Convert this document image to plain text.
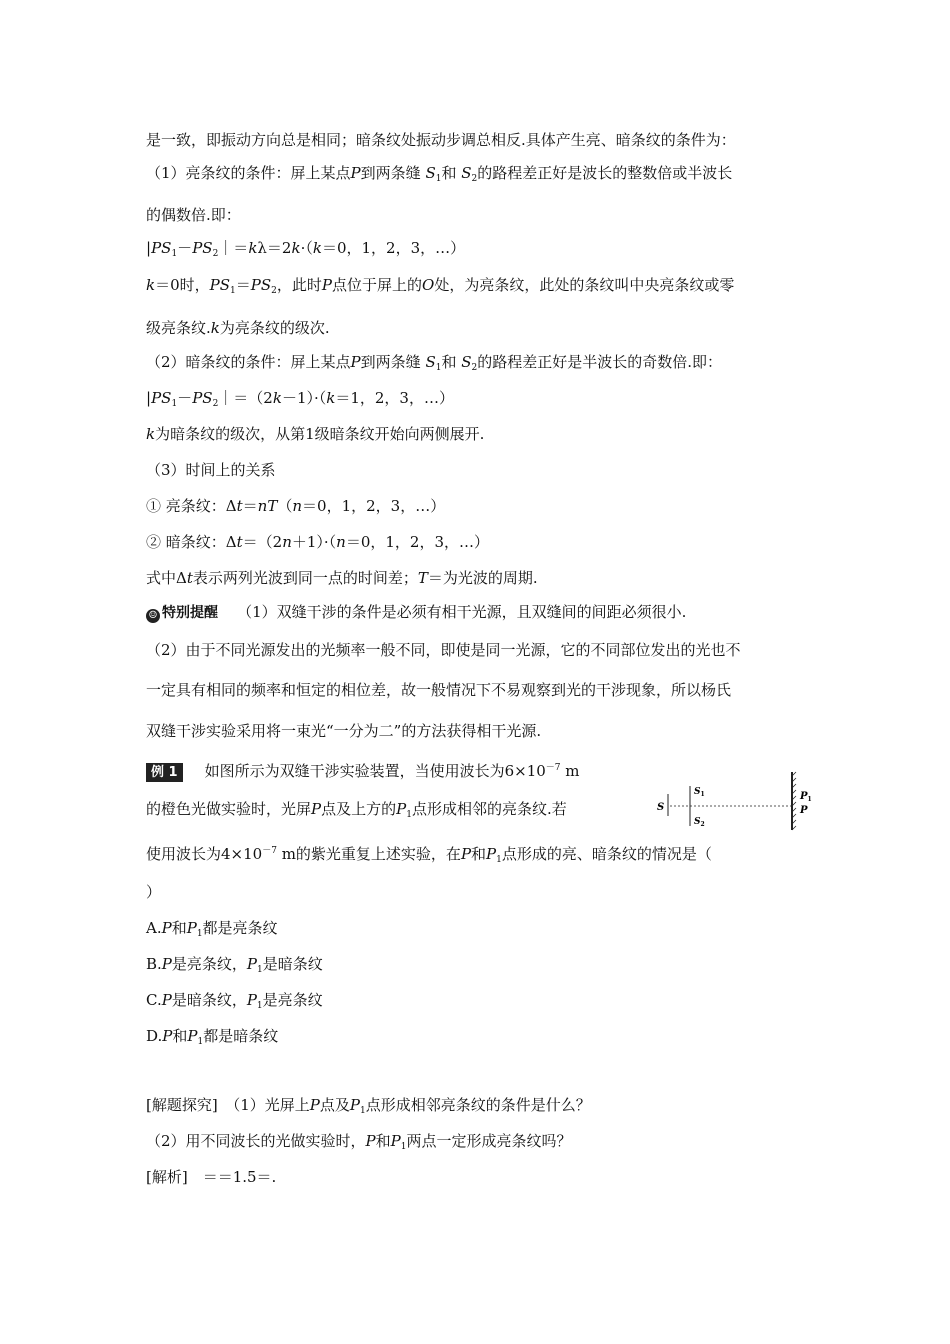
是一致，即振动方向总是相同；暗条纹处振动步调总相反.具体产生亮、暗条纹的条件为：
（1）亮条纹的条件：屏上某点P到两条缝 $S_1$和 $S_2$的路程差正好是波长的整数倍或半波长
的偶数倍.即：
$|PS_1-PS_2|=k\lambda=2k\cdot(k=0$，1，2，3，…）
k＝0时，$PS_1=PS_2$，此时P点位于屏上的O处，为亮条纹，此处的条纹叫中央亮条纹或零
级亮条纹.k为亮条纹的级次.
（2）暗条纹的条件：屏上某点P到两条缝 $S_1$和 $S_2$的路程差正好是半波长的奇数倍.即：
$|PS_1-PS_2|=(2k-1)\cdot(k=1$，2，3，…）
k为暗条纹的级次，从第1级暗条纹开始向两侧展开.
（3）时间上的关系
① 亮条纹：Δt＝nT（n＝0，1，2，3，…）
② 暗条纹：Δt＝（2n＋1）·（n＝0，1，2，3，…）
式中Δt表示两列光波到同一点的时间差；T＝为光波的周期.
☺ 特别提醒 （1）双缝干涉的条件是必须有相干光源，且双缝间的间距必须很小.
（2）由于不同光源发出的光频率一般不同，即使是同一光源，它的不同部位发出的光也不
一定具有相同的频率和恒定的相位差，故一般情况下不易观察到光的干涉现象，所以杨氏
双缝干涉实验采用将一束光“一分为二”的方法获得相干光源.
例 1 如图所示为双缝干涉实验装置，当使用波长为$6\times 10^{-7}$ m
的橙色光做实验时，光屏P点及上方的$P_1$点形成相邻的亮条纹.若
使用波长为$4\times 10^{-7}$ m的紫光重复上述实验，在P和$P_1$点形成的亮、暗条纹的情况是（
）
A.P和$P_1$都是亮条纹
B.P是亮条纹，$P_1$是暗条纹
C.P是暗条纹，$P_1$是亮条纹
D.P和$P_1$都是暗条纹
[解题探究]　（1）光屏上P点及$P_1$点形成相邻亮条纹的条件是什么？
（2）用不同波长的光做实验时，P和$P_1$两点一定形成亮条纹吗？
[解析]　＝＝1.5＝.
S
$S_1$
$S_2$
$P_1$
P
